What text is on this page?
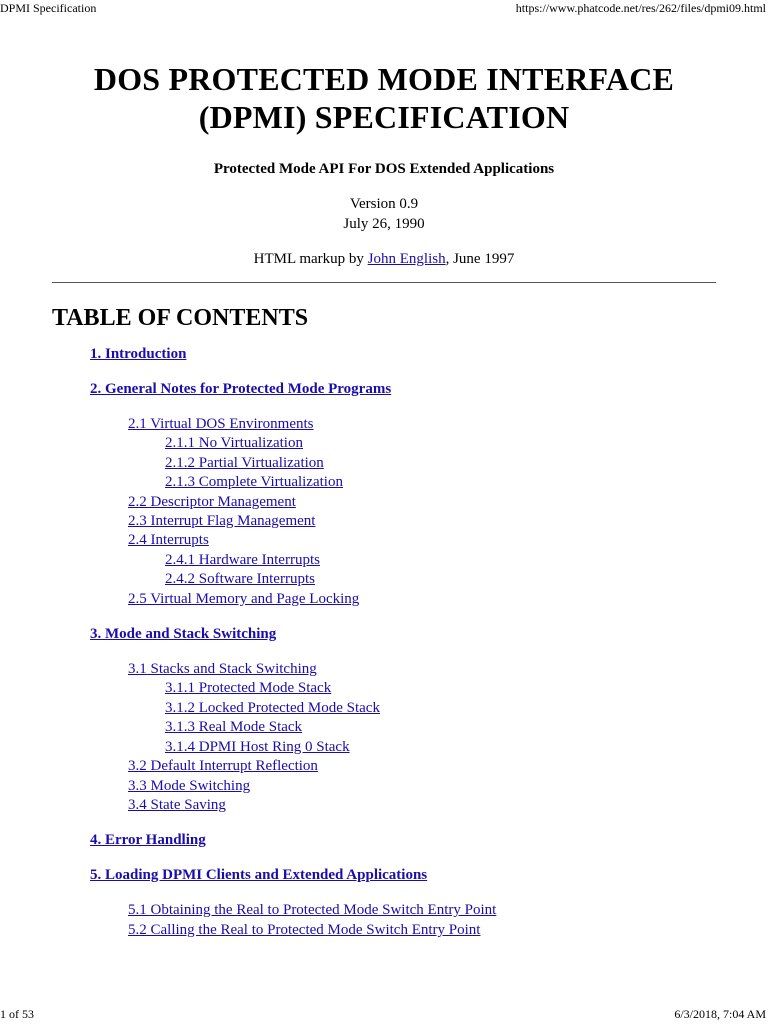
DPMI Specification	https://www.phatcode.net/res/262/files/dpmi09.html
DOS PROTECTED MODE INTERFACE (DPMI) SPECIFICATION
Protected Mode API For DOS Extended Applications
Version 0.9
July 26, 1990
HTML markup by John English, June 1997
TABLE OF CONTENTS
1. Introduction
2. General Notes for Protected Mode Programs
2.1 Virtual DOS Environments
2.1.1 No Virtualization
2.1.2 Partial Virtualization
2.1.3 Complete Virtualization
2.2 Descriptor Management
2.3 Interrupt Flag Management
2.4 Interrupts
2.4.1 Hardware Interrupts
2.4.2 Software Interrupts
2.5 Virtual Memory and Page Locking
3. Mode and Stack Switching
3.1 Stacks and Stack Switching
3.1.1 Protected Mode Stack
3.1.2 Locked Protected Mode Stack
3.1.3 Real Mode Stack
3.1.4 DPMI Host Ring 0 Stack
3.2 Default Interrupt Reflection
3.3 Mode Switching
3.4 State Saving
4. Error Handling
5. Loading DPMI Clients and Extended Applications
5.1 Obtaining the Real to Protected Mode Switch Entry Point
5.2 Calling the Real to Protected Mode Switch Entry Point
1 of 53	6/3/2018, 7:04 AM
